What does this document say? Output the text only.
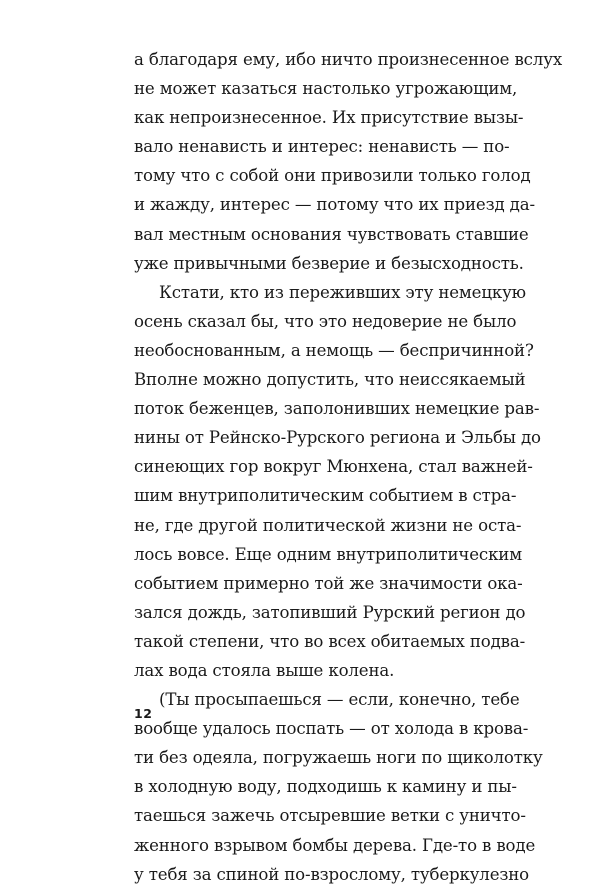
а благодаря ему, ибо ничто произнесенное вслух
не может казаться настолько угрожающим,
как непроизнесенное. Их присутствие вызы-
вало ненависть и интерес: ненависть — по-
тому что с собой они привозили только голод
и жажду, интерес — потому что их приезд да-
вал местным основания чувствовать ставшие
уже привычными безверие и безысходность.
Кстати, кто из переживших эту немецкую
осень сказал бы, что это недоверие не было
необоснованным, а немощь — беспричинной?
Вполне можно допустить, что неиссякаемый
поток беженцев, заполонивших немецкие рав-
нины от Рейнско-Рурского региона и Эльбы до
синеющих гор вокруг Мюнхена, стал важней-
шим внутриполитическим событием в стра-
не, где другой политической жизни не оста-
лось вовсе. Еще одним внутриполитическим
событием примерно той же значимости ока-
зался дождь, затопивший Рурский регион до
такой степени, что во всех обитаемых подва-
лах вода стояла выше колена.
(Ты просыпаешься — если, конечно, тебе
вообще удалось поспать — от холода в крова-
ти без одеяла, погружаешь ноги по щиколотку
в холодную воду, подходишь к камину и пы-
таешься зажечь отсыревшие ветки с уничто-
женного взрывом бомбы дерева. Где-то в воде
у тебя за спиной по-взрослому, туберкулезно
12
